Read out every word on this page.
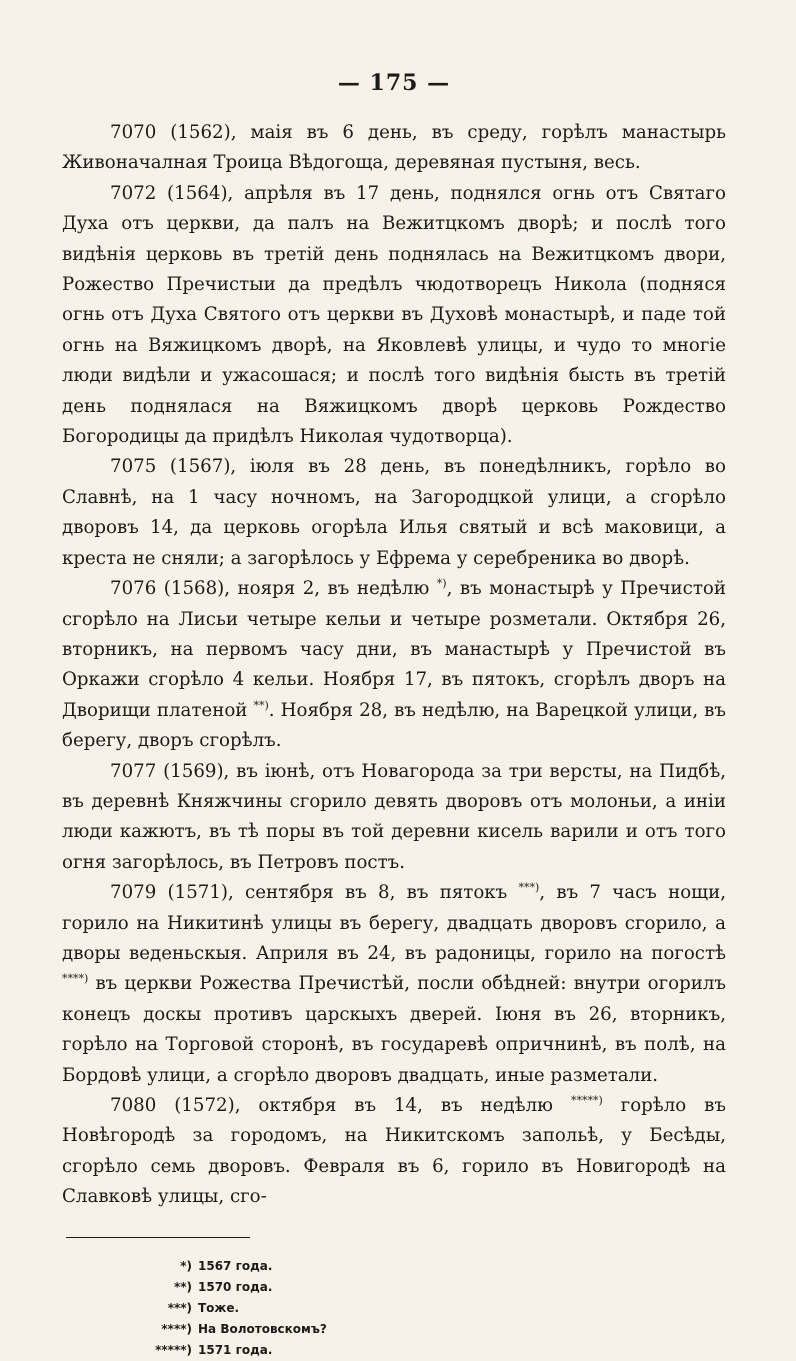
— 175 —

7070 (1562), маія въ 6 день, въ среду, горѣлъ манастырь Живоначалная Троица Вѣдогоща, деревяная пустыня, весь.

7072 (1564), апрѣля въ 17 день, поднялся огнь отъ Святаго Духа отъ церкви, да палъ на Вежитцкомъ дворѣ; и послѣ того видѣнія церковь въ третій день поднялась на Вежитцкомъ двори, Рожество Пречистыи да предѣлъ чюдотворецъ Никола (подняся огнь отъ Духа Святого отъ церкви въ Духовѣ монастырѣ, и паде той огнь на Вяжицкомъ дворѣ, на Яковлевѣ улицы, и чудо то многіе люди видѣли и ужасошася; и послѣ того видѣнія бысть въ третій день поднялася на Вяжицкомъ дворѣ церковь Рождество Богородицы да придѣлъ Николая чудотворца).

7075 (1567), іюля въ 28 день, въ понедѣлникъ, горѣло во Славнѣ, на 1 часу ночномъ, на Загородцкой улици, а сгорѣло дворовъ 14, да церковь огорѣла Илья святый и всѣ маковици, а креста не сняли; а загорѣлось у Ефрема у серебреника во дворѣ.

7076 (1568), нояря 2, въ недѣлю *), въ монастырѣ у Пречистой сгорѣло на Лисьи четыре кельи и четыре розметали. Октября 26, вторникъ, на первомъ часу дни, въ манастырѣ у Пречистой въ Оркажи сгорѣло 4 кельи. Ноября 17, въ пятокъ, сгорѣлъ дворъ на Дворищи платеной **). Ноября 28, въ недѣлю, на Варецкой улици, въ берегу, дворъ сгорѣлъ.

7077 (1569), въ іюнѣ, отъ Новагорода за три версты, на Пидбѣ, въ деревнѣ Княжчины сгорило девять дворовъ отъ молоньи, а иніи люди кажютъ, въ тѣ поры въ той деревни кисель варили и отъ того огня загорѣлось, въ Петровъ постъ.

7079 (1571), сентября въ 8, въ пятокъ ***), въ 7 часъ нощи, горило на Никитинѣ улицы въ берегу, двадцать дворовъ сгорило, а дворы веденьскыя. Априля въ 24, въ радоницы, горило на погостѣ ****) въ церкви Рожества Пречистѣй, посли обѣдней: внутри огорилъ конецъ доскы противъ царскыхъ дверей. Іюня въ 26, вторникъ, горѣло на Торговой сторонѣ, въ государевѣ опричнинѣ, въ полѣ, на Бордовѣ улици, а сгорѣло дворовъ двадцать, иные разметали.

7080 (1572), октября въ 14, въ недѣлю *****) горѣло въ Новѣгородѣ за городомъ, на Никитскомъ запольѣ, у Бесѣды, сгорѣло семь дворовъ. Февраля въ 6, горило въ Новигородѣ на Славковѣ улицы, сго-

*) 1567 года.
**) 1570 года.
***) Тоже.
****) На Волотовскомъ?
*****) 1571 года.
